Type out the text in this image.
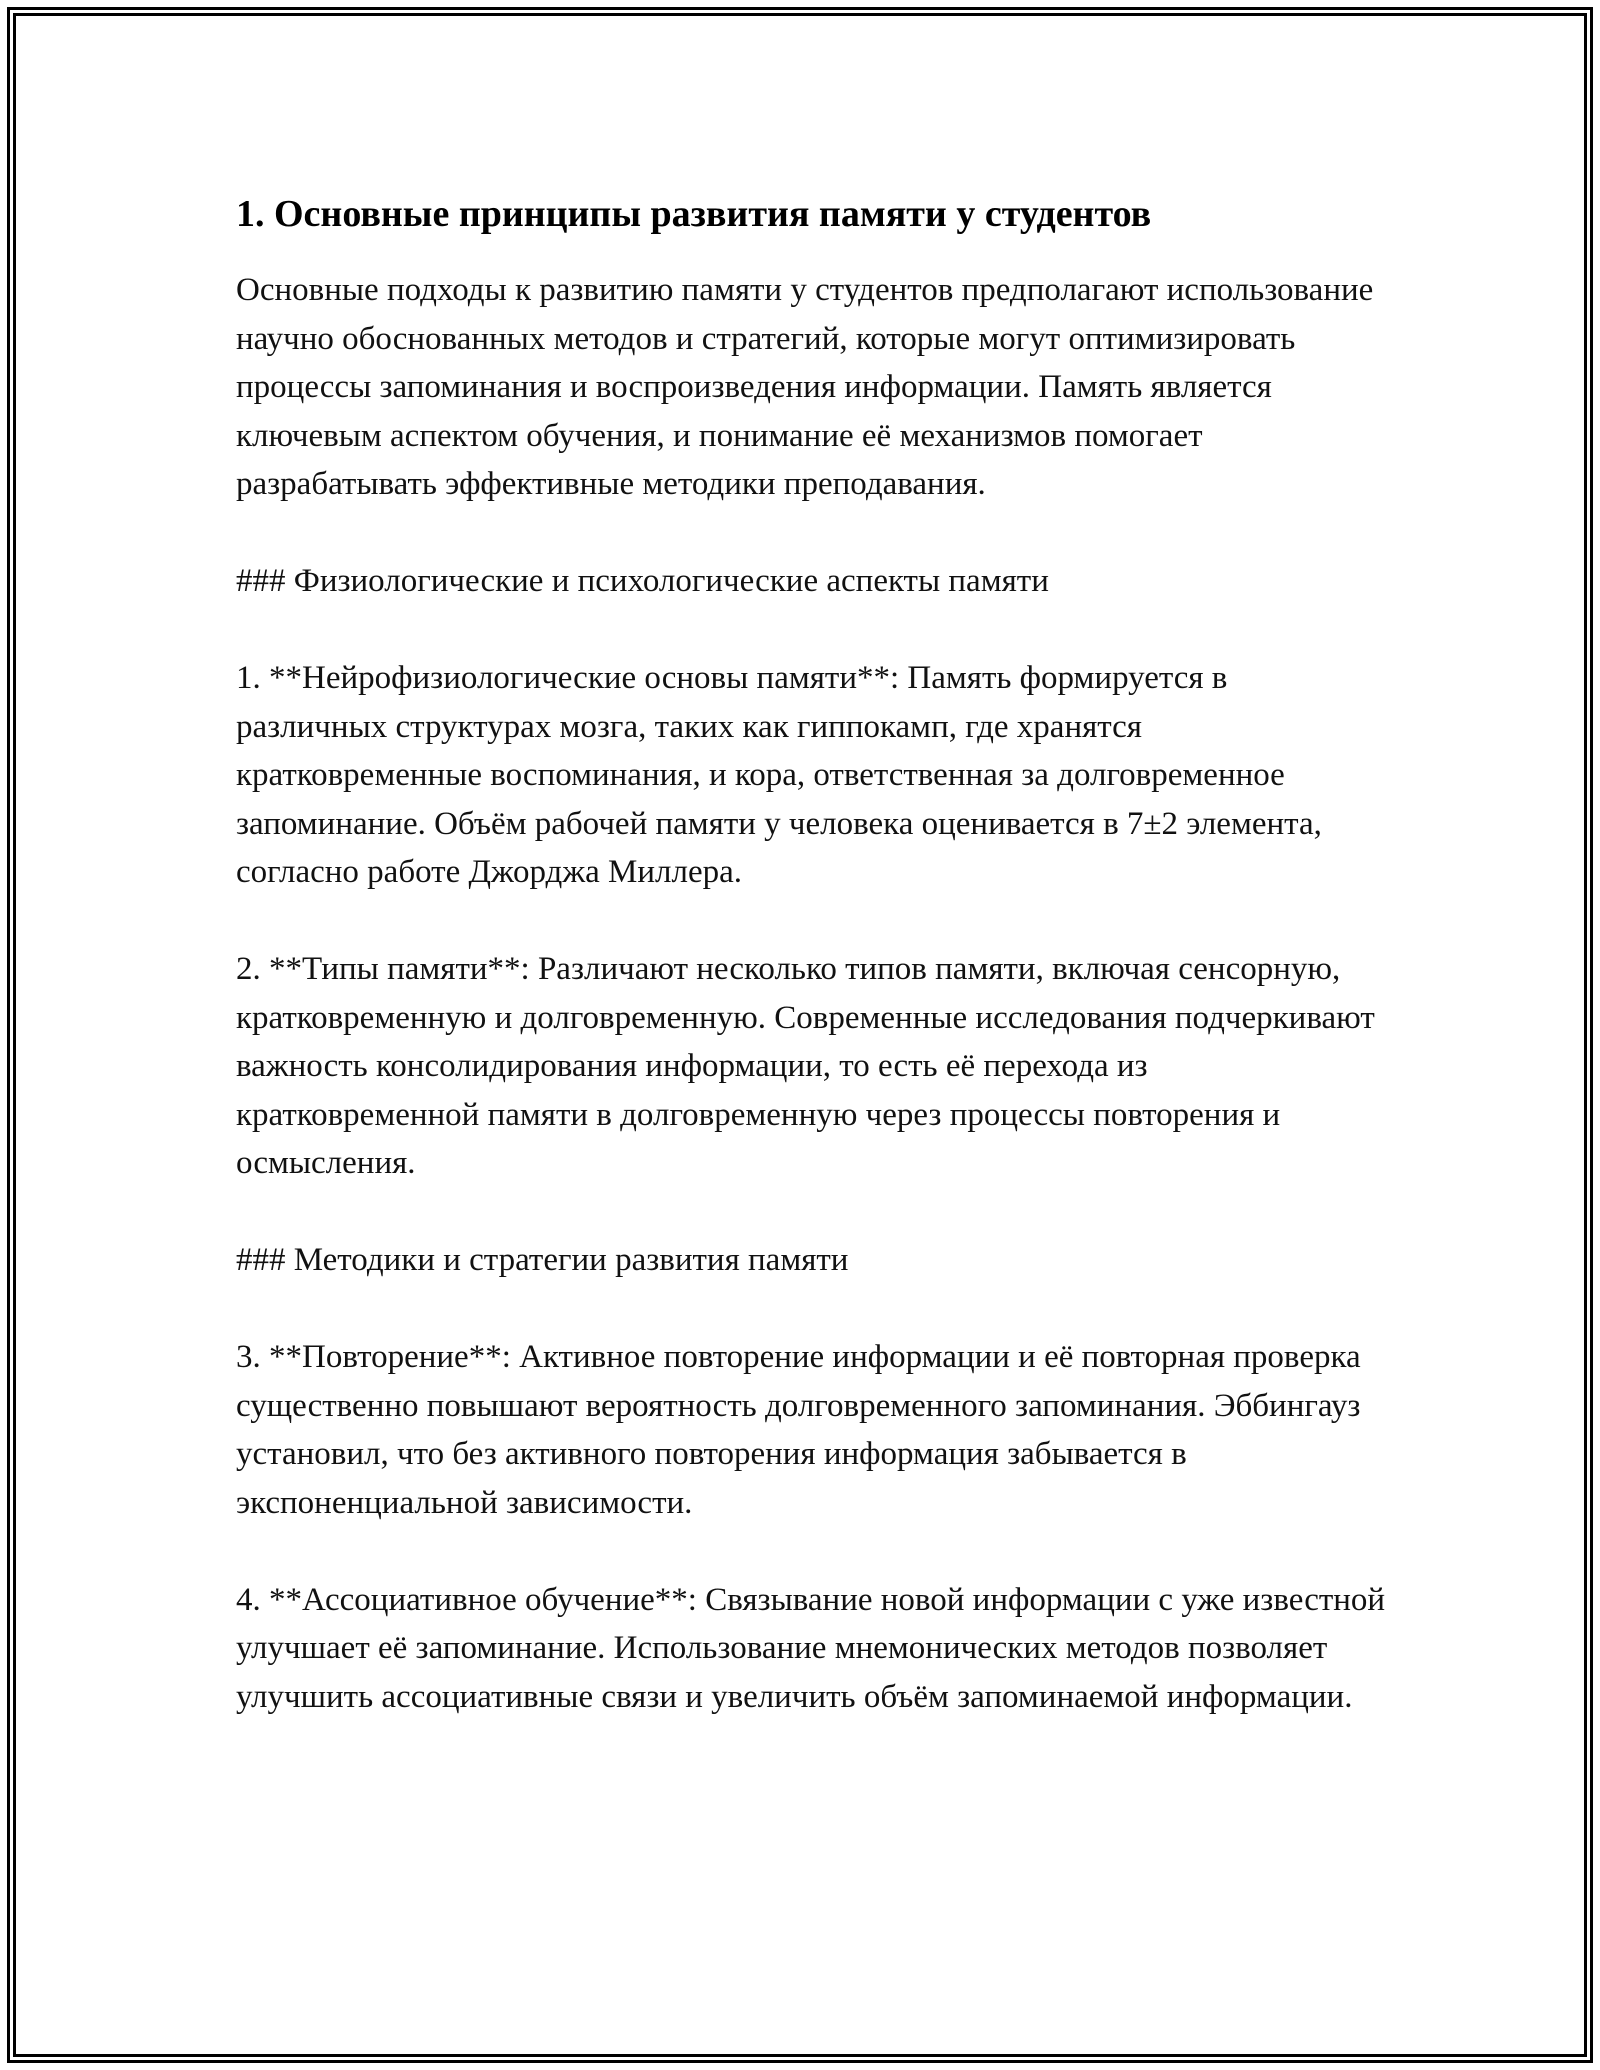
1. Основные принципы развития памяти у студентов

Основные подходы к развитию памяти у студентов предполагают использование научно обоснованных методов и стратегий, которые могут оптимизировать процессы запоминания и воспроизведения информации. Память является ключевым аспектом обучения, и понимание её механизмов помогает разрабатывать эффективные методики преподавания.

### Физиологические и психологические аспекты памяти

1. **Нейрофизиологические основы памяти**: Память формируется в различных структурах мозга, таких как гиппокамп, где хранятся кратковременные воспоминания, и кора, ответственная за долговременное запоминание. Объём рабочей памяти у человека оценивается в 7±2 элемента, согласно работе Джорджа Миллера.

2. **Типы памяти**: Различают несколько типов памяти, включая сенсорную, кратковременную и долговременную. Современные исследования подчеркивают важность консолидирования информации, то есть её перехода из кратковременной памяти в долговременную через процессы повторения и осмысления.

### Методики и стратегии развития памяти

3. **Повторение**: Активное повторение информации и её повторная проверка существенно повышают вероятность долговременного запоминания. Эббингауз установил, что без активного повторения информация забывается в экспоненциальной зависимости.

4. **Ассоциативное обучение**: Связывание новой информации с уже известной улучшает её запоминание. Использование мнемонических методов позволяет улучшить ассоциативные связи и увеличить объём запоминаемой информации.
